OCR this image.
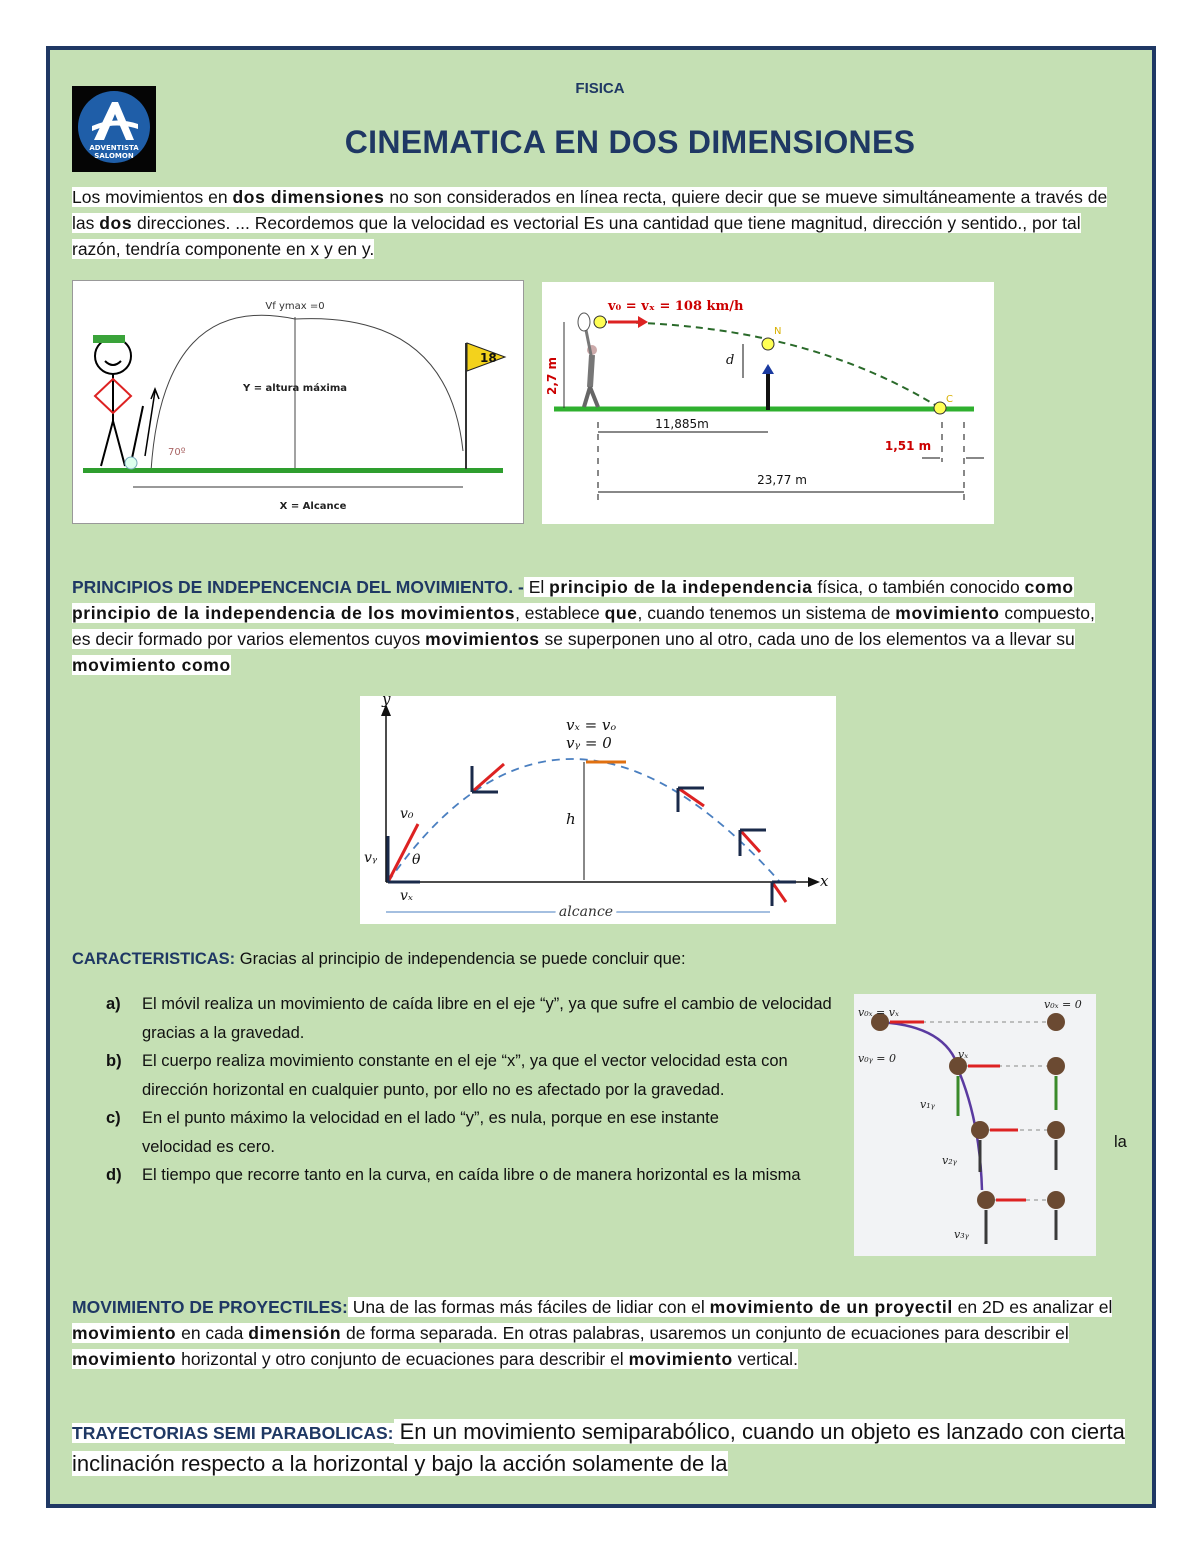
ADVENTISTA
SALOMON
FISICA
CINEMATICA EN DOS DIMENSIONES
Los movimientos en dos dimensiones no son considerados en línea recta, quiere decir que se mueve simultáneamente a través de las dos direcciones. ... Recordemos que la velocidad es vectorial Es una cantidad que tiene magnitud, dirección y sentido., por tal razón, tendría componente en x y en y.
Vf ymax =0
Y = altura máxima
70º
X = Alcance
18
v₀ = vₓ = 108 km/h
N
C
d
2,7 m
11,885m
23,77 m
1,51 m
PRINCIPIOS DE INDEPENCENCIA DEL MOVIMIENTO. - El principio de la independencia física, o también conocido como principio de la independencia de los movimientos, establece que, cuando tenemos un sistema de movimiento compuesto, es decir formado por varios elementos cuyos movimientos se superponen uno al otro, cada uno de los elementos va a llevar su movimiento como
y
x
h
vₓ = vₒ
vᵧ = 0
v₀
θ
vᵧ
vₓ
alcance
CARACTERISTICAS: Gracias al principio de independencia se puede concluir que:
a) El móvil realiza un movimiento de caída libre en el eje “y”, ya que sufre el cambio de velocidad gracias a la gravedad.
b) El cuerpo realiza movimiento constante en el eje “x”, ya que el vector velocidad esta con dirección horizontal en cualquier punto, por ello no es afectado por la gravedad.
c) En el punto máximo la velocidad en el lado “y”, es nula, porque en ese instante
velocidad es cero.
d) El tiempo que recorre tanto en la curva, en caída libre o de manera horizontal es la misma
la
v₀ₓ = vₓ
v₀ₓ = 0
v₀ᵧ = 0	vₓ
v₁ᵧ
v₂ᵧ
v₃ᵧ
MOVIMIENTO DE PROYECTILES: Una de las formas más fáciles de lidiar con el movimiento de un proyectil en 2D es analizar el movimiento en cada dimensión de forma separada. En otras palabras, usaremos un conjunto de ecuaciones para describir el movimiento horizontal y otro conjunto de ecuaciones para describir el movimiento vertical.
TRAYECTORIAS SEMI PARABOLICAS: En un movimiento semiparabólico, cuando un objeto es lanzado con cierta inclinación respecto a la horizontal y bajo la acción solamente de la
